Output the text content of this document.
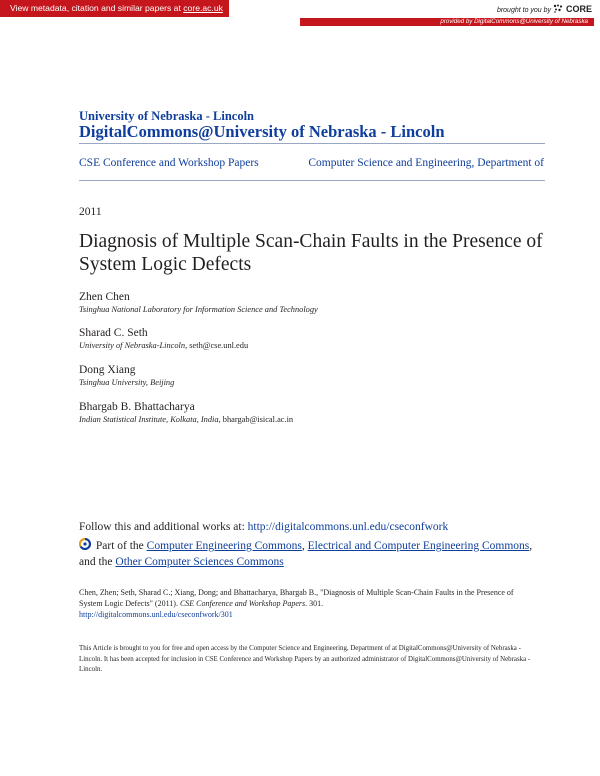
View metadata, citation and similar papers at core.ac.uk	brought to you by CORE
provided by DigitalCommons@University of Nebraska
University of Nebraska - Lincoln
DigitalCommons@University of Nebraska - Lincoln
CSE Conference and Workshop Papers	Computer Science and Engineering, Department of
2011
Diagnosis of Multiple Scan-Chain Faults in the Presence of System Logic Defects
Zhen Chen
Tsinghua National Laboratory for Information Science and Technology
Sharad C. Seth
University of Nebraska-Lincoln, seth@cse.unl.edu
Dong Xiang
Tsinghua University, Beijing
Bhargab B. Bhattacharya
Indian Statistical Institute, Kolkata, India, bhargab@isical.ac.in
Follow this and additional works at: http://digitalcommons.unl.edu/cseconfwork
Part of the Computer Engineering Commons, Electrical and Computer Engineering Commons,
and the Other Computer Sciences Commons
Chen, Zhen; Seth, Sharad C.; Xiang, Dong; and Bhattacharya, Bhargab B., "Diagnosis of Multiple Scan-Chain Faults in the Presence of System Logic Defects" (2011). CSE Conference and Workshop Papers. 301.
http://digitalcommons.unl.edu/cseconfwork/301
This Article is brought to you for free and open access by the Computer Science and Engineering, Department of at DigitalCommons@University of Nebraska - Lincoln. It has been accepted for inclusion in CSE Conference and Workshop Papers by an authorized administrator of DigitalCommons@University of Nebraska - Lincoln.
